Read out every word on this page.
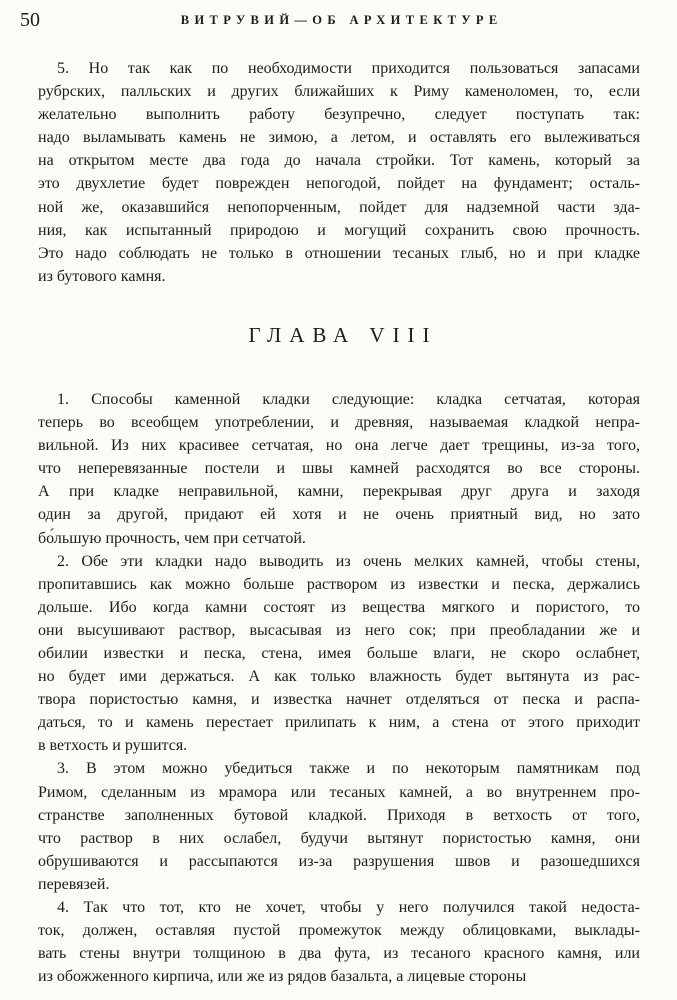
50	ВИТРУВИЙ—ОБ АРХИТЕКТУРЕ

5. Но так как по необходимости приходится пользоваться запасами
рубрских, палльских и других ближайших к Риму каменоломен, то, если
желательно выполнить работу безупречно, следует поступать так:
надо выламывать камень не зимою, а летом, и оставлять его вылеживаться
на открытом месте два года до начала стройки. Тот камень, который за
это двухлетие будет поврежден непогодой, пойдет на фундамент; осталь-
ной же, оказавшийся непопорченным, пойдет для надземной части зда-
ния, как испытанный природою и могущий сохранить свою прочность.
Это надо соблюдать не только в отношении тесаных глыб, но и при кладке
из бутового камня.

ГЛАВА VIII

1. Способы каменной кладки следующие: кладка сетчатая, которая
теперь во всеобщем употреблении, и древняя, называемая кладкой непра-
вильной. Из них красивее сетчатая, но она легче дает трещины, из-за того,
что неперевязанные постели и швы камней расходятся во все стороны.
А при кладке неправильной, камни, перекрывая друг друга и заходя
один за другой, придают ей хотя и не очень приятный вид, но зато
бо́льшую прочность, чем при сетчатой.

2. Обе эти кладки надо выводить из очень мелких камней, чтобы стены,
пропитавшись как можно больше раствором из известки и песка, держались
дольше. Ибо когда камни состоят из вещества мягкого и пористого, то
они высушивают раствор, высасывая из него сок; при преобладании же и
обилии известки и песка, стена, имея больше влаги, не скоро ослабнет,
но будет ими держаться. А как только влажность будет вытянута из рас-
твора пористостью камня, и известка начнет отделяться от песка и распа-
даться, то и камень перестает прилипать к ним, а стена от этого приходит
в ветхость и рушится.

3. В этом можно убедиться также и по некоторым памятникам под
Римом, сделанным из мрамора или тесаных камней, а во внутреннем про-
странстве заполненных бутовой кладкой. Приходя в ветхость от того,
что раствор в них ослабел, будучи вытянут пористостью камня, они
обрушиваются и рассыпаются из-за разрушения швов и разошедшихся
перевязей.

4. Так что тот, кто не хочет, чтобы у него получился такой недоста-
ток, должен, оставляя пустой промежуток между облицовками, выклады-
вать стены внутри толщиною в два фута, из тесаного красного камня, или
из обожженного кирпича, или же из рядов базальта, а лицевые стороны
